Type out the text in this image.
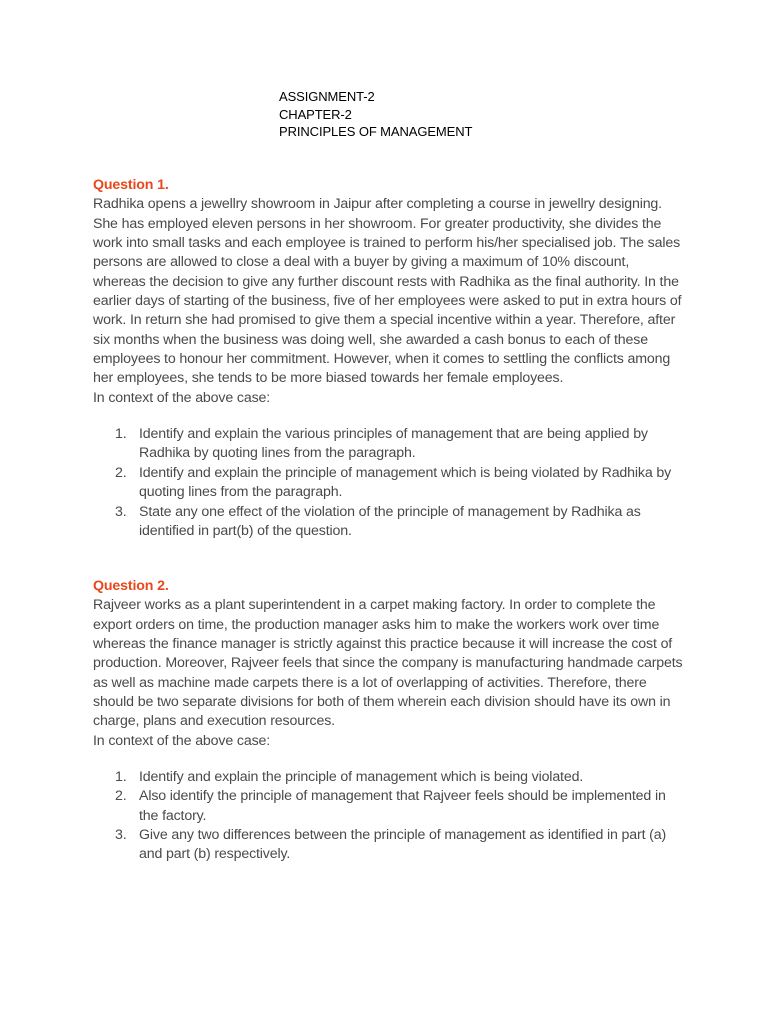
ASSIGNMENT-2
CHAPTER-2
PRINCIPLES OF MANAGEMENT
Question 1.

Radhika opens a jewellry showroom in Jaipur after completing a course in jewellry designing. She has employed eleven persons in her showroom. For greater productivity, she divides the work into small tasks and each employee is trained to perform his/her specialised job. The sales persons are allowed to close a deal with a buyer by giving a maximum of 10% discount, whereas the decision to give any further discount rests with Radhika as the final authority. In the earlier days of starting of the business, five of her employees were asked to put in extra hours of work. In return she had promised to give them a special incentive within a year. Therefore, after six months when the business was doing well, she awarded a cash bonus to each of these employees to honour her commitment. However, when it comes to settling the conflicts among her employees, she tends to be more biased towards her female employees.

In context of the above case:

1. Identify and explain the various principles of management that are being applied by Radhika by quoting lines from the paragraph.
2. Identify and explain the principle of management which is being violated by Radhika by quoting lines from the paragraph.
3. State any one effect of the violation of the principle of management by Radhika as identified in part(b) of the question.
Question 2.

Rajveer works as a plant superintendent in a carpet making factory. In order to complete the export orders on time, the production manager asks him to make the workers work over time whereas the finance manager is strictly against this practice because it will increase the cost of production. Moreover, Rajveer feels that since the company is manufacturing handmade carpets as well as machine made carpets there is a lot of overlapping of activities. Therefore, there should be two separate divisions for both of them wherein each division should have its own in charge, plans and execution resources.

In context of the above case:

1. Identify and explain the principle of management which is being violated.
2. Also identify the principle of management that Rajveer feels should be implemented in the factory.
3. Give any two differences between the principle of management as identified in part (a) and part (b) respectively.
